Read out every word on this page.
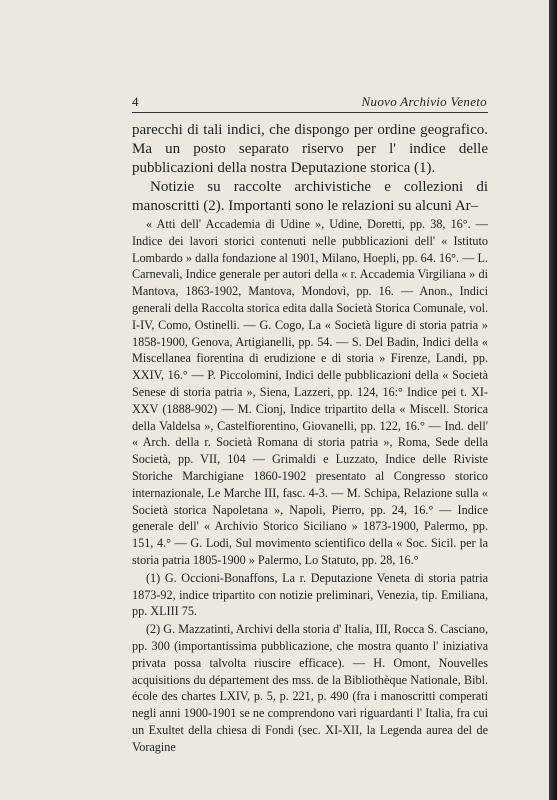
4	Nuovo Archivio Veneto

parecchi di tali indici, che dispongo per ordine geografico. Ma un posto separato riservo per l' indice delle pubblicazioni della nostra Deputazione storica (1).

Notizie su raccolte archivistiche e collezioni di manoscritti (2). Importanti sono le relazioni su alcuni Ar–

« Atti dell' Accademia di Udine », Udine, Doretti, pp. 38, 16°. — Indice dei lavori storici contenuti nelle pubblicazioni dell' « Istituto Lombardo » dalla fondazione al 1901, Milano, Hoepli, pp. 64. 16°. — L. Carnevali, Indice generale per autori della « r. Accademia Virgiliana » di Mantova, 1863-1902, Mantova, Mondovì, pp. 16. — Anon., Indici generali della Raccolta storica edita dalla Società Storica Comunale, vol. I-IV, Como, Ostinelli. — G. Cogo, La « Società ligure di storia patria » 1858-1900, Genova, Artigianelli, pp. 54. — S. Del Badin, Indici della « Miscellanea fiorentina di erudizione e di storia » Firenze, Landi, pp. XXIV, 16.° — P. Piccolomini, Indici delle pubblicazioni della « Società Senese di storia patria », Siena, Lazzeri, pp. 124, 16:° Indice pei t. XI-XXV (1888-902) — M. Cionj, Indice tripartito della « Miscell. Storica della Valdelsa », Castelfiorentino, Giovanelli, pp. 122, 16.° — Ind. dell' « Arch. della r. Società Romana di storia patria », Roma, Sede della Società, pp. VII, 104 — Grimaldi e Luzzato, Indice delle Riviste Storiche Marchigiane 1860-1902 presentato al Congresso storico internazionale, Le Marche III, fasc. 4-3. — M. Schipa, Relazione sulla « Società storica Napoletana », Napoli, Pierro, pp. 24, 16.° — Indice generale dell' « Archivio Storico Siciliano » 1873-1900, Palermo, pp. 151, 4.° — G. Lodi, Sul movimento scientifico della « Soc. Sicil. per la storia patria 1805-1900 » Palermo, Lo Statuto, pp. 28, 16.°

(1) G. Occioni-Bonaffons, La r. Deputazione Veneta di storia patria 1873-92, indice tripartito con notizie preliminari, Venezia, tip. Emiliana, pp. XLIII 75.

(2) G. Mazzatinti, Archivi della storia d' Italia, III, Rocca S. Casciano, pp. 300 (importantissima pubblicazione, che mostra quanto l' iniziativa privata possa talvolta riuscire efficace). — H. Omont, Nouvelles acquisitions du département des mss. de la Bibliothèque Nationale, Bibl. école des chartes LXIV, p. 5, p. 221, p. 490 (fra i manoscritti comperati negli anni 1900-1901 se ne comprendono vari riguardanti l' Italia, fra cui un Exultet della chiesa di Fondi (sec. XI-XII, la Legenda aurea del de Voragine
